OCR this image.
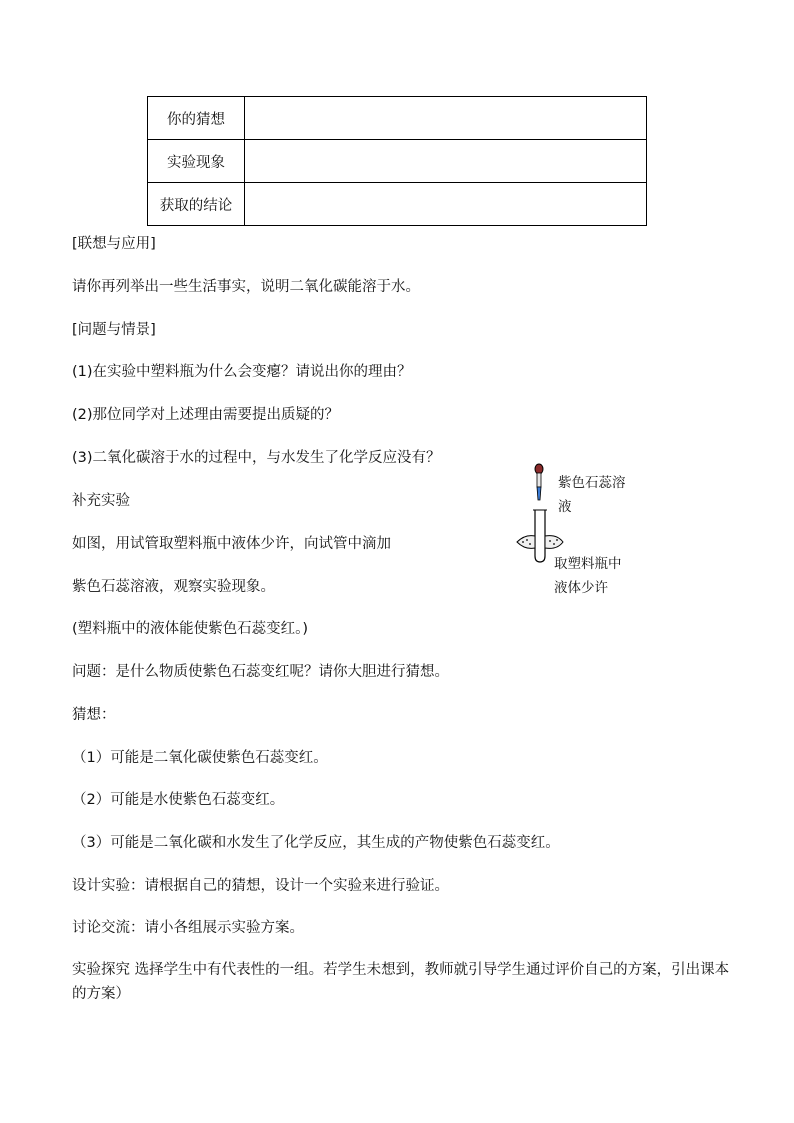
你的猜想	
实验现象	
获取的结论	
[联想与应用]
请你再列举出一些生活事实，说明二氧化碳能溶于水。
[问题与情景]
(1)在实验中塑料瓶为什么会变瘪？请说出你的理由？
(2)那位同学对上述理由需要提出质疑的？
(3)二氧化碳溶于水的过程中，与水发生了化学反应没有？
补充实验
如图，用试管取塑料瓶中液体少许，向试管中滴加
紫色石蕊溶液，观察实验现象。
(塑料瓶中的液体能使紫色石蕊变红。)
问题：是什么物质使紫色石蕊变红呢？请你大胆进行猜想。
猜想：
（1）可能是二氧化碳使紫色石蕊变红。
（2）可能是水使紫色石蕊变红。
（3）可能是二氧化碳和水发生了化学反应，其生成的产物使紫色石蕊变红。
设计实验：请根据自己的猜想，设计一个实验来进行验证。
讨论交流：请小各组展示实验方案。
实验探究 选择学生中有代表性的一组。若学生未想到，教师就引导学生通过评价自己的方案，引出课本的方案）
紫色石蕊溶
液
取塑料瓶中
液体少许
